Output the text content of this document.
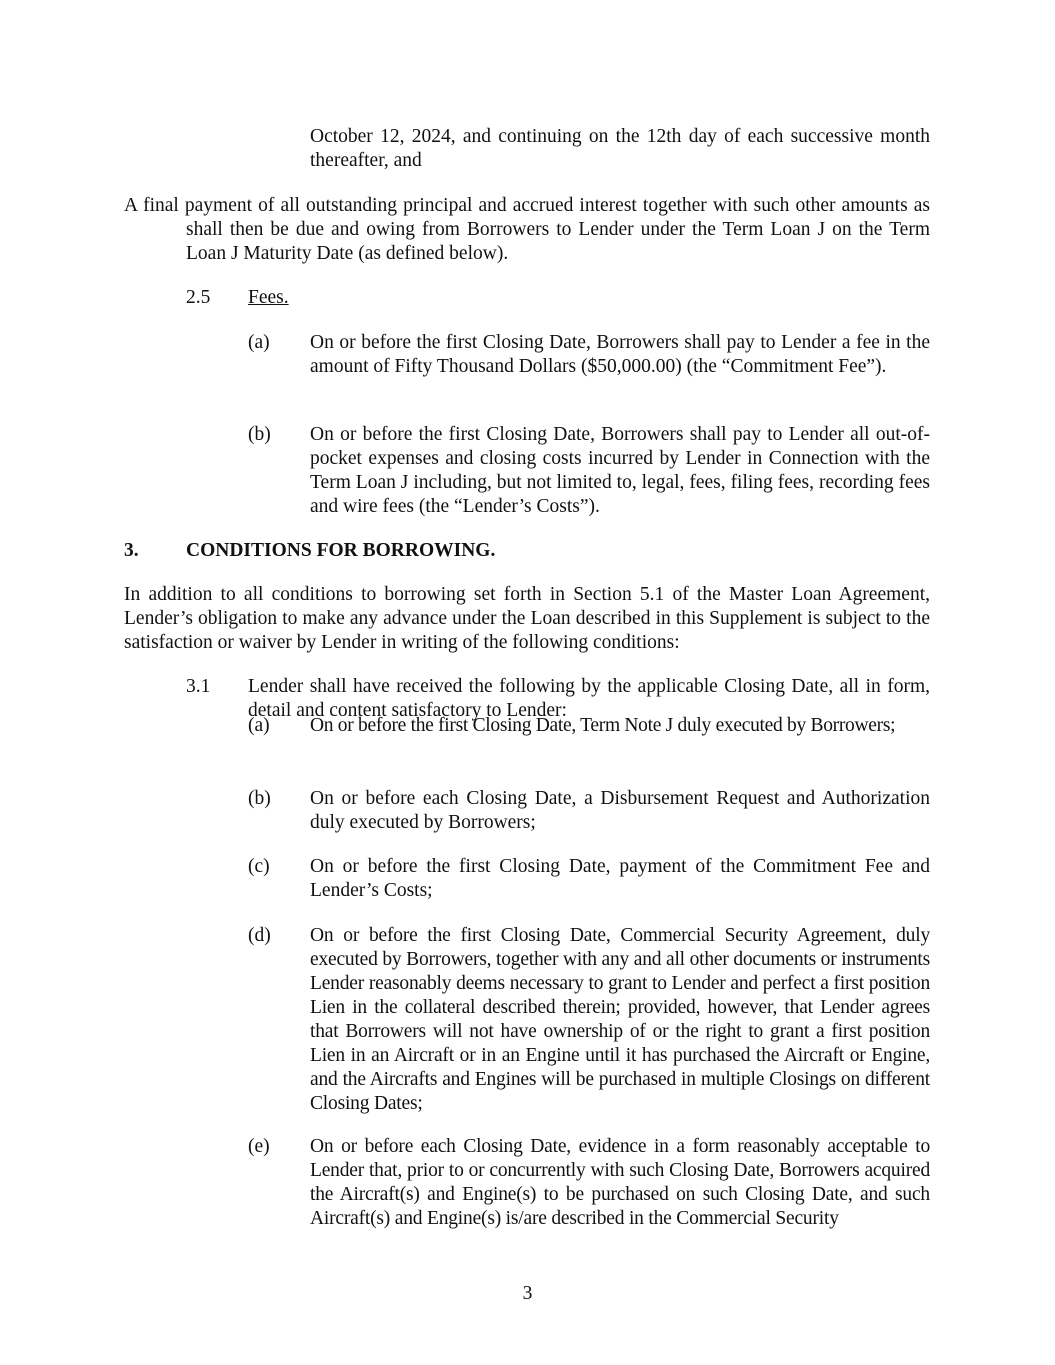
October 12, 2024, and continuing on the 12th day of each successive month thereafter, and
A final payment of all outstanding principal and accrued interest together with such other amounts as shall then be due and owing from Borrowers to Lender under the Term Loan J on the Term Loan J Maturity Date (as defined below).
2.5 Fees.
(a) On or before the first Closing Date, Borrowers shall pay to Lender a fee in the amount of Fifty Thousand Dollars ($50,000.00) (the “Commitment Fee”).
(b) On or before the first Closing Date, Borrowers shall pay to Lender all out-of-pocket expenses and closing costs incurred by Lender in Connection with the Term Loan J including, but not limited to, legal, fees, filing fees, recording fees and wire fees (the “Lender’s Costs”).
3. CONDITIONS FOR BORROWING.
In addition to all conditions to borrowing set forth in Section 5.1 of the Master Loan Agreement, Lender’s obligation to make any advance under the Loan described in this Supplement is subject to the satisfaction or waiver by Lender in writing of the following conditions:
3.1 Lender shall have received the following by the applicable Closing Date, all in form, detail and content satisfactory to Lender:
(a) On or before the first Closing Date, Term Note J duly executed by Borrowers;
(b) On or before each Closing Date, a Disbursement Request and Authorization duly executed by Borrowers;
(c) On or before the first Closing Date, payment of the Commitment Fee and Lender’s Costs;
(d) On or before the first Closing Date, Commercial Security Agreement, duly executed by Borrowers, together with any and all other documents or instruments Lender reasonably deems necessary to grant to Lender and perfect a first position Lien in the collateral described therein; provided, however, that Lender agrees that Borrowers will not have ownership of or the right to grant a first position Lien in an Aircraft or in an Engine until it has purchased the Aircraft or Engine, and the Aircrafts and Engines will be purchased in multiple Closings on different Closing Dates;
(e) On or before each Closing Date, evidence in a form reasonably acceptable to Lender that, prior to or concurrently with such Closing Date, Borrowers acquired the Aircraft(s) and Engine(s) to be purchased on such Closing Date, and such Aircraft(s) and Engine(s) is/are described in the Commercial Security
3
